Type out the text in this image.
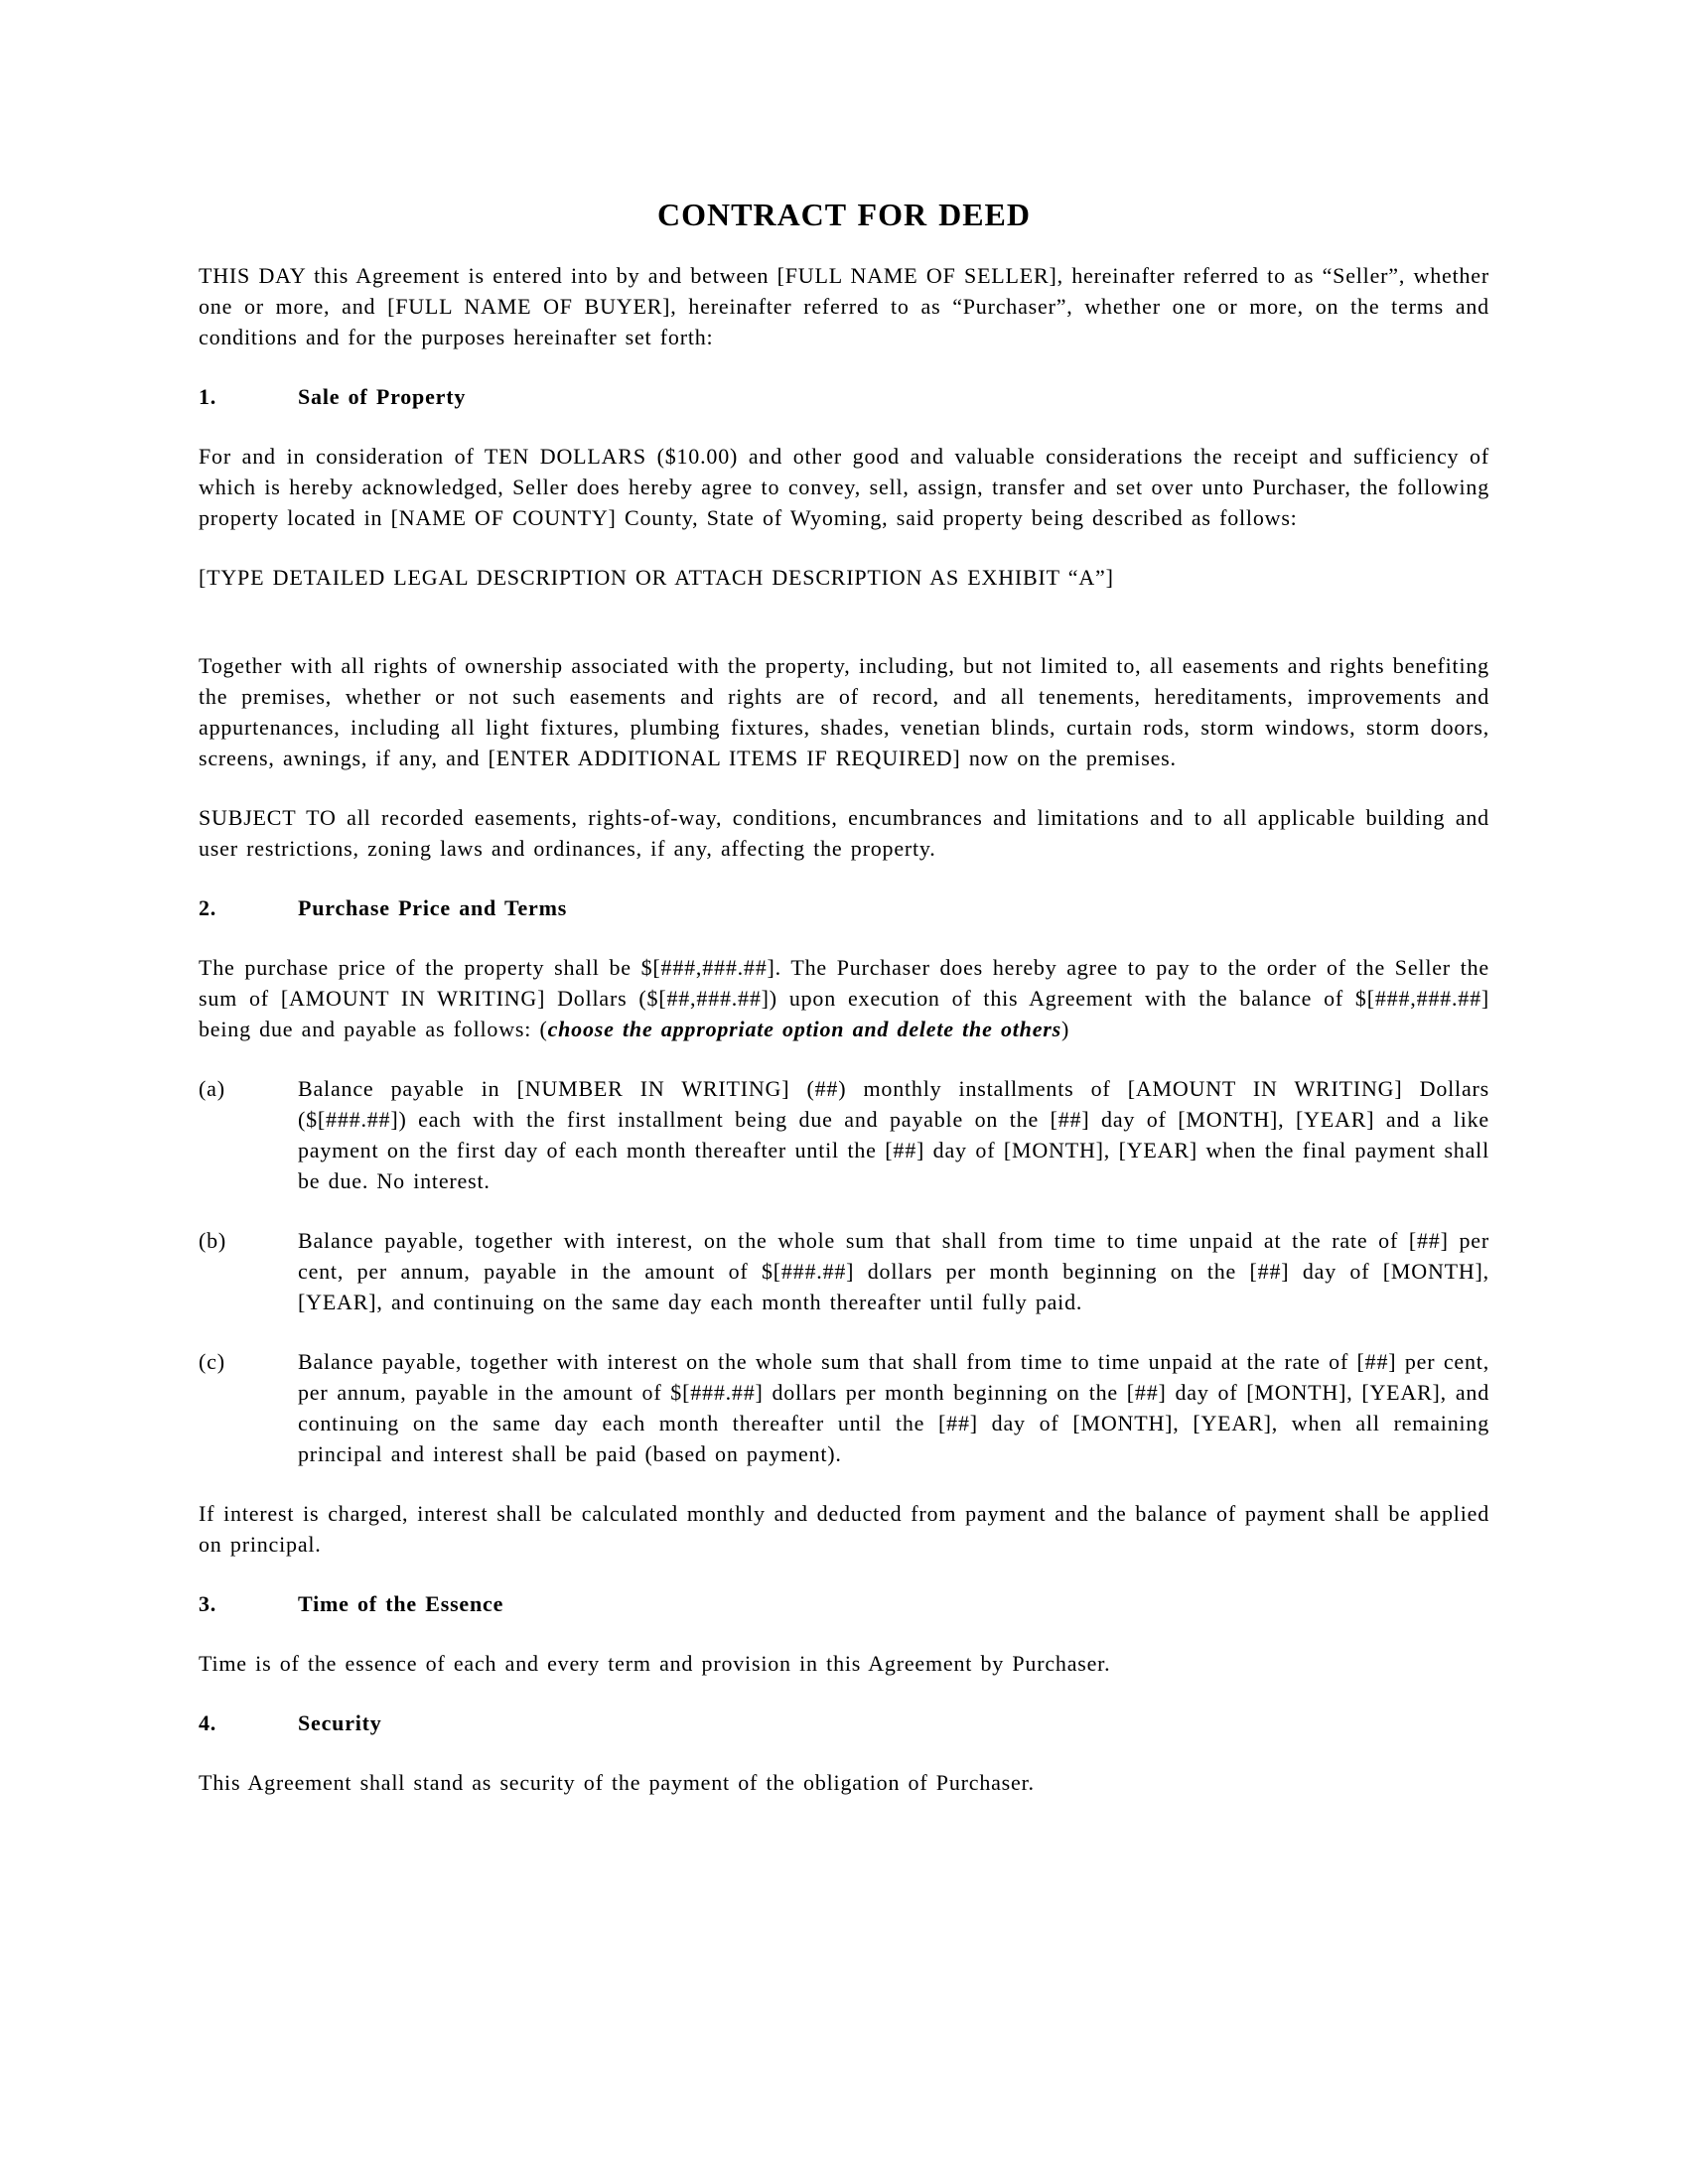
CONTRACT FOR DEED

THIS DAY this Agreement is entered into by and between [FULL NAME OF SELLER], hereinafter referred to as “Seller”, whether one or more, and [FULL NAME OF BUYER], hereinafter referred to as “Purchaser”, whether one or more, on the terms and conditions and for the purposes hereinafter set forth:

1.	Sale of Property

For and in consideration of TEN DOLLARS ($10.00) and other good and valuable considerations the receipt and sufficiency of which is hereby acknowledged, Seller does hereby agree to convey, sell, assign, transfer and set over unto Purchaser, the following property located in [NAME OF COUNTY] County, State of Wyoming, said property being described as follows:

[TYPE DETAILED LEGAL DESCRIPTION OR ATTACH DESCRIPTION AS EXHIBIT “A”]

Together with all rights of ownership associated with the property, including, but not limited to, all easements and rights benefiting the premises, whether or not such easements and rights are of record, and all tenements, hereditaments, improvements and appurtenances, including all light fixtures, plumbing fixtures, shades, venetian blinds, curtain rods, storm windows, storm doors, screens, awnings, if any, and [ENTER ADDITIONAL ITEMS IF REQUIRED] now on the premises.

SUBJECT TO all recorded easements, rights-of-way, conditions, encumbrances and limitations and to all applicable building and user restrictions, zoning laws and ordinances, if any, affecting the property.

2.	Purchase Price and Terms

The purchase price of the property shall be $[###,###.##]. The Purchaser does hereby agree to pay to the order of the Seller the sum of [AMOUNT IN WRITING] Dollars ($[##,###.##]) upon execution of this Agreement with the balance of $[###,###.##] being due and payable as follows: (choose the appropriate option and delete the others)

(a)	Balance payable in [NUMBER IN WRITING] (##) monthly installments of [AMOUNT IN WRITING] Dollars ($[###.##]) each with the first installment being due and payable on the [##] day of [MONTH], [YEAR] and a like payment on the first day of each month thereafter until the [##] day of [MONTH], [YEAR] when the final payment shall be due. No interest.
(b)	Balance payable, together with interest, on the whole sum that shall from time to time unpaid at the rate of [##] per cent, per annum, payable in the amount of $[###.##] dollars per month beginning on the [##] day of [MONTH], [YEAR], and continuing on the same day each month thereafter until fully paid.
(c)	Balance payable, together with interest on the whole sum that shall from time to time unpaid at the rate of [##] per cent, per annum, payable in the amount of $[###.##] dollars per month beginning on the [##] day of [MONTH], [YEAR], and continuing on the same day each month thereafter until the [##] day of [MONTH], [YEAR], when all remaining principal and interest shall be paid (based on payment).

If interest is charged, interest shall be calculated monthly and deducted from payment and the balance of payment shall be applied on principal.

3.	Time of the Essence

Time is of the essence of each and every term and provision in this Agreement by Purchaser.

4.	Security

This Agreement shall stand as security of the payment of the obligation of Purchaser.
